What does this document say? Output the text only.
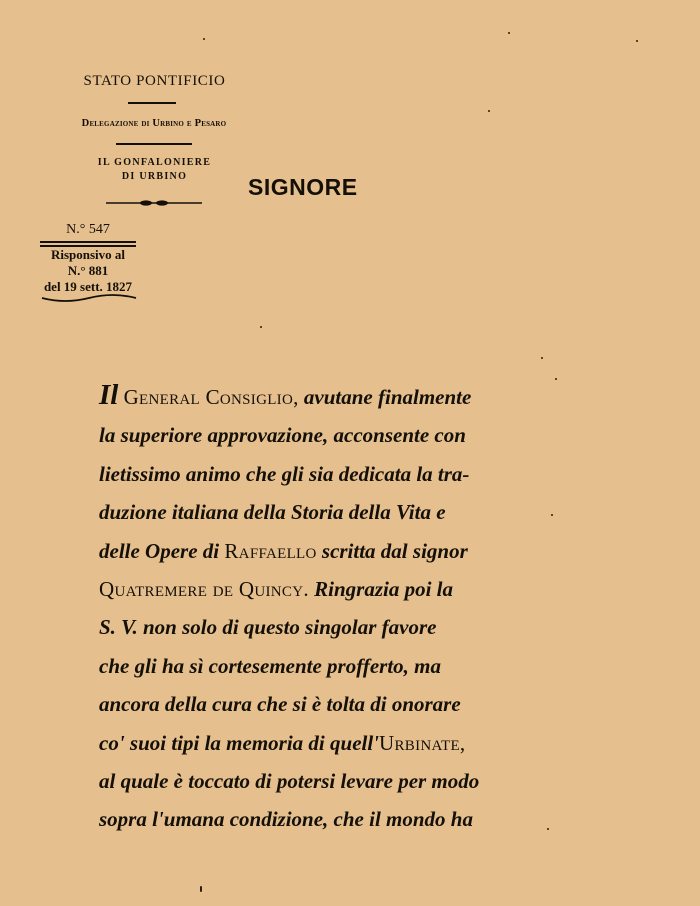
STATO PONTIFICIO
Delegazione di Urbino e Pesaro
IL GONFALONIERE
DI URBINO	SIGNORE
N.° 547
Risponsivo al
N.° 881
del 19 sett. 1827
Il General Consiglio, avutane finalmente
la superiore approvazione, acconsente con
lietissimo animo che gli sia dedicata la tra-
duzione italiana della Storia della Vita e
delle Opere di Raffaello scritta dal signor
Quatremere de Quincy. Ringrazia poi la
S. V. non solo di questo singolar favore
che gli ha sì cortesemente profferto, ma
ancora della cura che si è tolta di onorare
co' suoi tipi la memoria di quell'Urbinate,
al quale è toccato di potersi levare per modo
sopra l'umana condizione, che il mondo ha
